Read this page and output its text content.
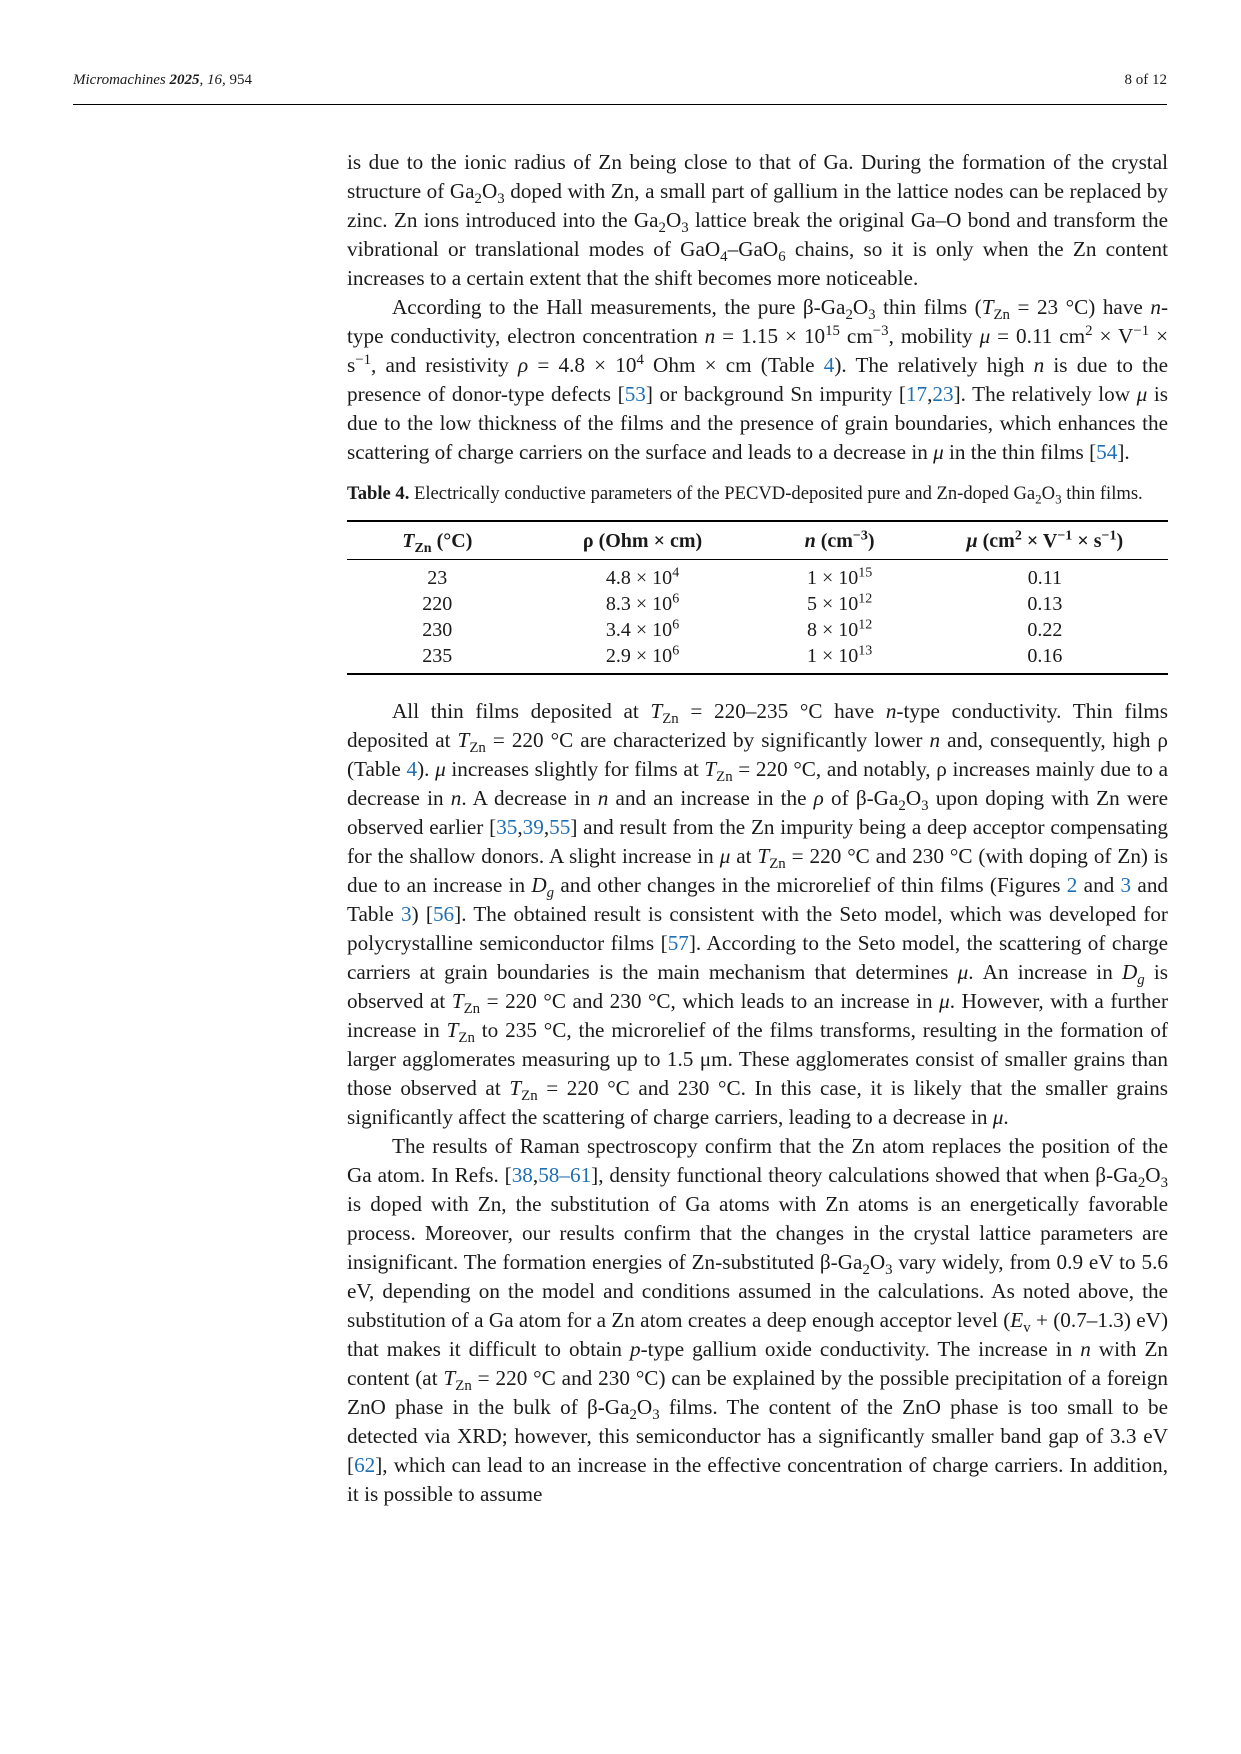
Micromachines 2025, 16, 954	8 of 12

is due to the ionic radius of Zn being close to that of Ga. During the formation of the crystal structure of $Ga_2O_3$ doped with Zn, a small part of gallium in the lattice nodes can be replaced by zinc. Zn ions introduced into the $Ga_2O_3$ lattice break the original Ga–O bond and transform the vibrational or translational modes of GaO$_4$–GaO$_6$ chains, so it is only when the Zn content increases to a certain extent that the shift becomes more noticeable.

According to the Hall measurements, the pure $\beta-Ga_2O_3$ thin films ($T_{Zn} = 23$ °C) have n-type conductivity, electron concentration $n = 1.15 \times 10^{15}$ $cm^{-3}$, mobility μ = 0.11 $cm^2 \times V^{-1} \times s^{-1}$, and resistivity $\rho = 4.8 \times 10^4$ Ohm × cm (Table 4). The relatively high n is due to the presence of donor-type defects [53] or background Sn impurity [17,23]. The relatively low μ is due to the low thickness of the films and the presence of grain boundaries, which enhances the scattering of charge carriers on the surface and leads to a decrease in μ in the thin films [54].

Table 4. Electrically conductive parameters of the PECVD-deposited pure and Zn-doped $Ga_2O_3$ thin films.

$T_{Zn}$ (°C)	ρ (Ohm × cm)	n $(cm^{-3})$	μ $(cm^2 \times V^{-1} \times s^{-1})$
23	$4.8 \times 10^4$	$1 \times 10^{15}$	0.11
220	$8.3 \times 10^6$	$5 \times 10^{12}$	0.13
230	$3.4 \times 10^6$	$8 \times 10^{12}$	0.22
235	$2.9 \times 10^6$	$1 \times 10^{13}$	0.16

All thin films deposited at $T_{Zn} = 220-235$ °C have n-type conductivity. Thin films deposited at $T_{Zn} = 220$ °C are characterized by significantly lower n and, consequently, high ρ (Table 4). μ increases slightly for films at $T_{Zn} = 220$ °C, and notably, ρ increases mainly due to a decrease in n. A decrease in n and an increase in the ρ of $\beta-Ga_2O_3$ upon doping with Zn were observed earlier [35,39,55] and result from the Zn impurity being a deep acceptor compensating for the shallow donors. A slight increase in μ at $T_{Zn} = 220$ °C and 230 °C (with doping of Zn) is due to an increase in $D_g$ and other changes in the microrelief of thin films (Figures 2 and 3 and Table 3) [56]. The obtained result is consistent with the Seto model, which was developed for polycrystalline semiconductor films [57]. According to the Seto model, the scattering of charge carriers at grain boundaries is the main mechanism that determines μ. An increase in $D_g$ is observed at $T_{Zn} = 220$ °C and 230 °C, which leads to an increase in μ. However, with a further increase in $T_{Zn}$ to 235 °C, the microrelief of the films transforms, resulting in the formation of larger agglomerates measuring up to 1.5 μm. These agglomerates consist of smaller grains than those observed at $T_{Zn} = 220$ °C and 230 °C. In this case, it is likely that the smaller grains significantly affect the scattering of charge carriers, leading to a decrease in μ.

The results of Raman spectroscopy confirm that the Zn atom replaces the position of the Ga atom. In Refs. [38,58–61], density functional theory calculations showed that when $\beta-Ga_2O_3$ is doped with Zn, the substitution of Ga atoms with Zn atoms is an energetically favorable process. Moreover, our results confirm that the changes in the crystal lattice parameters are insignificant. The formation energies of Zn-substituted $\beta-Ga_2O_3$ vary widely, from 0.9 eV to 5.6 eV, depending on the model and conditions assumed in the calculations. As noted above, the substitution of a Ga atom for a Zn atom creates a deep enough acceptor level ($E_v + (0.7-1.3)$ eV) that makes it difficult to obtain p-type gallium oxide conductivity. The increase in n with Zn content (at $T_{Zn} = 220$ °C and 230 °C) can be explained by the possible precipitation of a foreign ZnO phase in the bulk of $\beta-Ga_2O_3$ films. The content of the ZnO phase is too small to be detected via XRD; however, this semiconductor has a significantly smaller band gap of 3.3 eV [62], which can lead to an increase in the effective concentration of charge carriers. In addition, it is possible to assume
